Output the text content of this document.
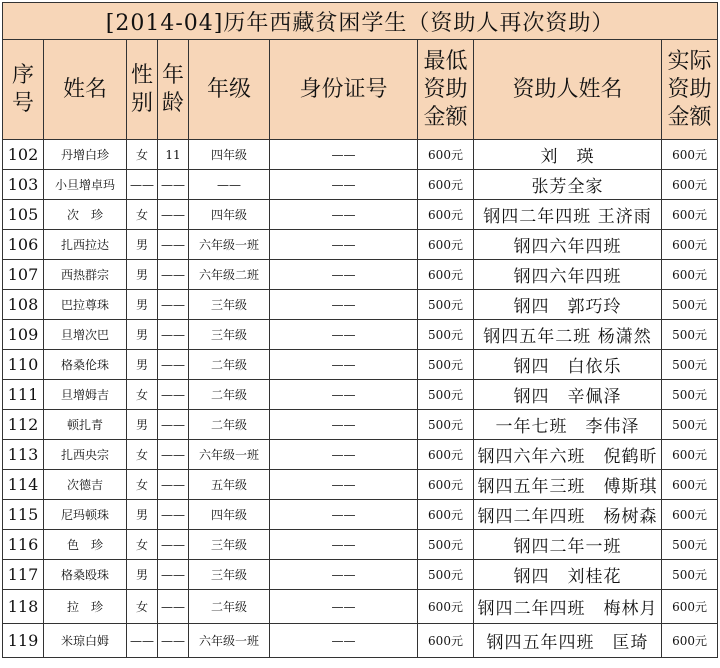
[2014-04]历年西藏贫困学生（资助人再次资助）								
序号	姓名	性别	年龄	年级	身份证号	最低资助金额	资助人姓名	实际资助金额
102	丹增白珍	女	11	四年级	——	600元	刘　瑛	600元
103	小旦增卓玛	——	——	——	——	600元	张芳全家	600元
105	次　珍	女	——	四年级	——	600元	钢四二年四班 王济雨	600元
106	扎西拉达	男	——	六年级一班	——	600元	钢四六年四班	600元
107	西热群宗	男	——	六年级二班	——	600元	钢四六年四班	600元
108	巴拉尊珠	男	——	三年级	——	500元	钢四　郭巧玲	500元
109	旦增次巴	男	——	三年级	——	500元	钢四五年二班 杨潇然	500元
110	格桑伦珠	男	——	二年级	——	500元	钢四　白依乐	500元
111	旦增姆吉	女	——	二年级	——	500元	钢四　辛佩泽	500元
112	顿扎青	男	——	二年级	——	500元	一年七班　李伟泽	500元
113	扎西央宗	女	——	六年级一班	——	600元	钢四六年六班　倪鹤昕	600元
114	次德吉	女	——	五年级	——	600元	钢四五年三班　傅斯琪	600元
115	尼玛顿珠	男	——	四年级	——	600元	钢四二年四班　杨树森	600元
116	色　珍	女	——	三年级	——	500元	钢四二年一班	500元
117	格桑殴珠	男	——	三年级	——	500元	钢四　刘桂花	500元
118	拉　珍	女	——	二年级	——	600元	钢四二年四班　梅林月	600元
119	米琼白姆	——	——	六年级一班	——	600元	钢四五年四班　匡琦	600元
